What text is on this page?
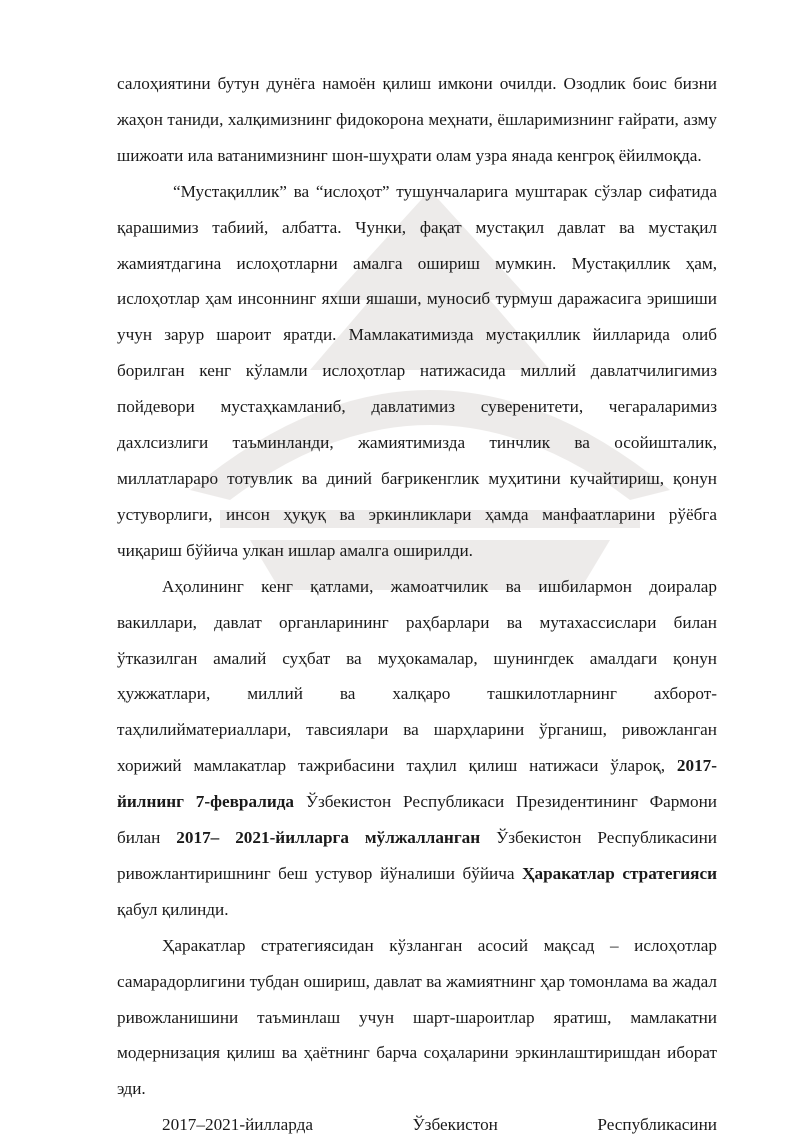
салоҳиятини бутун дунёга намоён қилиш имкони очилди. Озодлик боис бизни жаҳон таниди, халқимизнинг фидокорона меҳнати, ёшларимизнинг ғайрати, азму шижоати ила ватанимизнинг шон-шуҳрати олам узра янада кенгроқ ёйилмоқда.

“Мустақиллик” ва “ислоҳот” тушунчаларига муштарак сўзлар сифатида қарашимиз табиий, албатта. Чунки, фақат мустақил давлат ва мустақил жамиятдагина ислоҳотларни амалга ошириш мумкин. Мустақиллик ҳам, ислоҳотлар ҳам инсоннинг яхши яшаши, муносиб турмуш даражасига эришиши учун зарур шароит яратди. Мамлакатимизда мустақиллик йилларида олиб борилган кенг кўламли ислоҳотлар натижасида миллий давлатчилигимиз пойдевори мустаҳкамланиб, давлатимиз суверенитети, чегараларимиз дахлсизлиги таъминланди, жамиятимизда тинчлик ва осойишталик, миллатлараро тотувлик ва диний бағрикенглик муҳитини кучайтириш, қонун устуворлиги, инсон ҳуқуқ ва эркинликлари ҳамда манфаатларини рўёбга чиқариш бўйича улкан ишлар амалга оширилди.

Аҳолининг кенг қатлами, жамоатчилик ва ишбилармон доиралар вакиллари, давлат органларининг раҳбарлари ва мутахассислари билан ўтказилган амалий суҳбат ва муҳокамалар, шунингдек амалдаги қонун ҳужжатлари, миллий ва халқаро ташкилотларнинг ахборот-таҳлилийматериаллари, тавсиялари ва шарҳларини ўрганиш, ривожланган хорижий мамлакатлар тажрибасини таҳлил қилиш натижаси ўлароқ, 2017-йилнинг 7-февралида Ўзбекистон Республикаси Президентининг Фармони билан 2017– 2021-йилларга мўлжалланган Ўзбекистон Республикасини ривожлантиришнинг беш устувор йўналиши бўйича Ҳаракатлар стратегияси қабул қилинди.

Ҳаракатлар стратегиясидан кўзланган асосий мақсад – ислоҳотлар самарадорлигини тубдан ошириш, давлат ва жамиятнинг ҳар томонлама ва жадал ривожланишини таъминлаш учун шарт-шароитлар яратиш, мамлакатни модернизация қилиш ва ҳаётнинг барча соҳаларини эркинлаштиришдан иборат эди.

2017–2021-йилларда	Ўзбекистон	Республикасини
